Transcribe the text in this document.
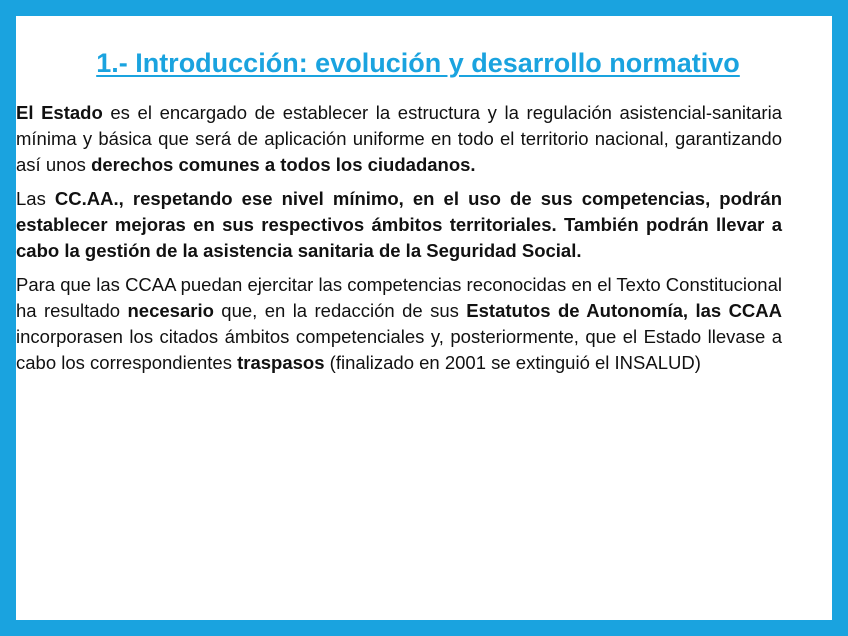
1.- Introducción: evolución y desarrollo normativo

El Estado es el encargado de establecer la estructura y la regulación asistencial-sanitaria mínima y básica que será de aplicación uniforme en todo el territorio nacional, garantizando así unos derechos comunes a todos los ciudadanos.

Las CC.AA., respetando ese nivel mínimo, en el uso de sus competencias, podrán establecer mejoras en sus respectivos ámbitos territoriales. También podrán llevar a cabo la gestión de la asistencia sanitaria de la Seguridad Social.

Para que las CCAA puedan ejercitar las competencias reconocidas en el Texto Constitucional ha resultado necesario que, en la redacción de sus Estatutos de Autonomía, las CCAA incorporasen los citados ámbitos competenciales y, posteriormente, que el Estado llevase a cabo los correspondientes traspasos (finalizado en 2001 se extinguió el INSALUD)
